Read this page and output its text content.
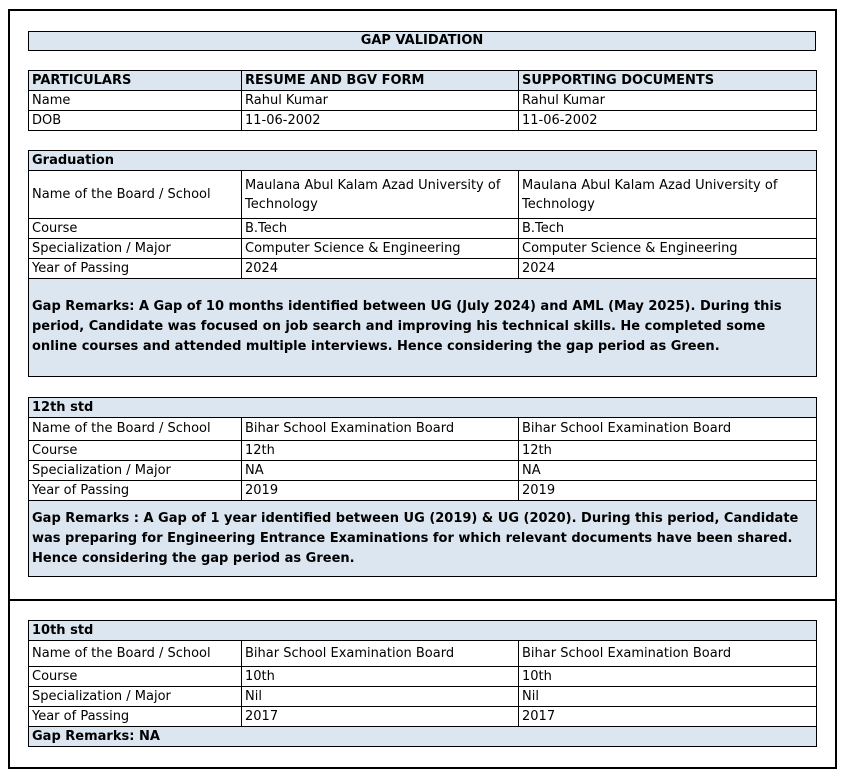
GAP VALIDATION
PARTICULARS	RESUME AND BGV FORM	SUPPORTING DOCUMENTS
Name	Rahul Kumar	Rahul Kumar
DOB	11-06-2002	11-06-2002
Graduation		
Name of the Board / School	Maulana Abul Kalam Azad University of Technology	Maulana Abul Kalam Azad University of Technology
Course	B.Tech	B.Tech
Specialization / Major	Computer Science & Engineering	Computer Science & Engineering
Year of Passing	2024	2024
Gap Remarks: A Gap of 10 months identified between UG (July 2024) and AML (May 2025). During this period, Candidate was focused on job search and improving his technical skills. He completed some online courses and attended multiple interviews. Hence considering the gap period as Green.		
12th std		
Name of the Board / School	Bihar School Examination Board	Bihar School Examination Board
Course	12th	12th
Specialization / Major	NA	NA
Year of Passing	2019	2019
Gap Remarks : A Gap of 1 year identified between UG (2019) & UG (2020). During this period, Candidate was preparing for Engineering Entrance Examinations for which relevant documents have been shared. Hence considering the gap period as Green.		
10th std		
Name of the Board / School	Bihar School Examination Board	Bihar School Examination Board
Course	10th	10th
Specialization / Major	Nil	Nil
Year of Passing	2017	2017
Gap Remarks: NA		
